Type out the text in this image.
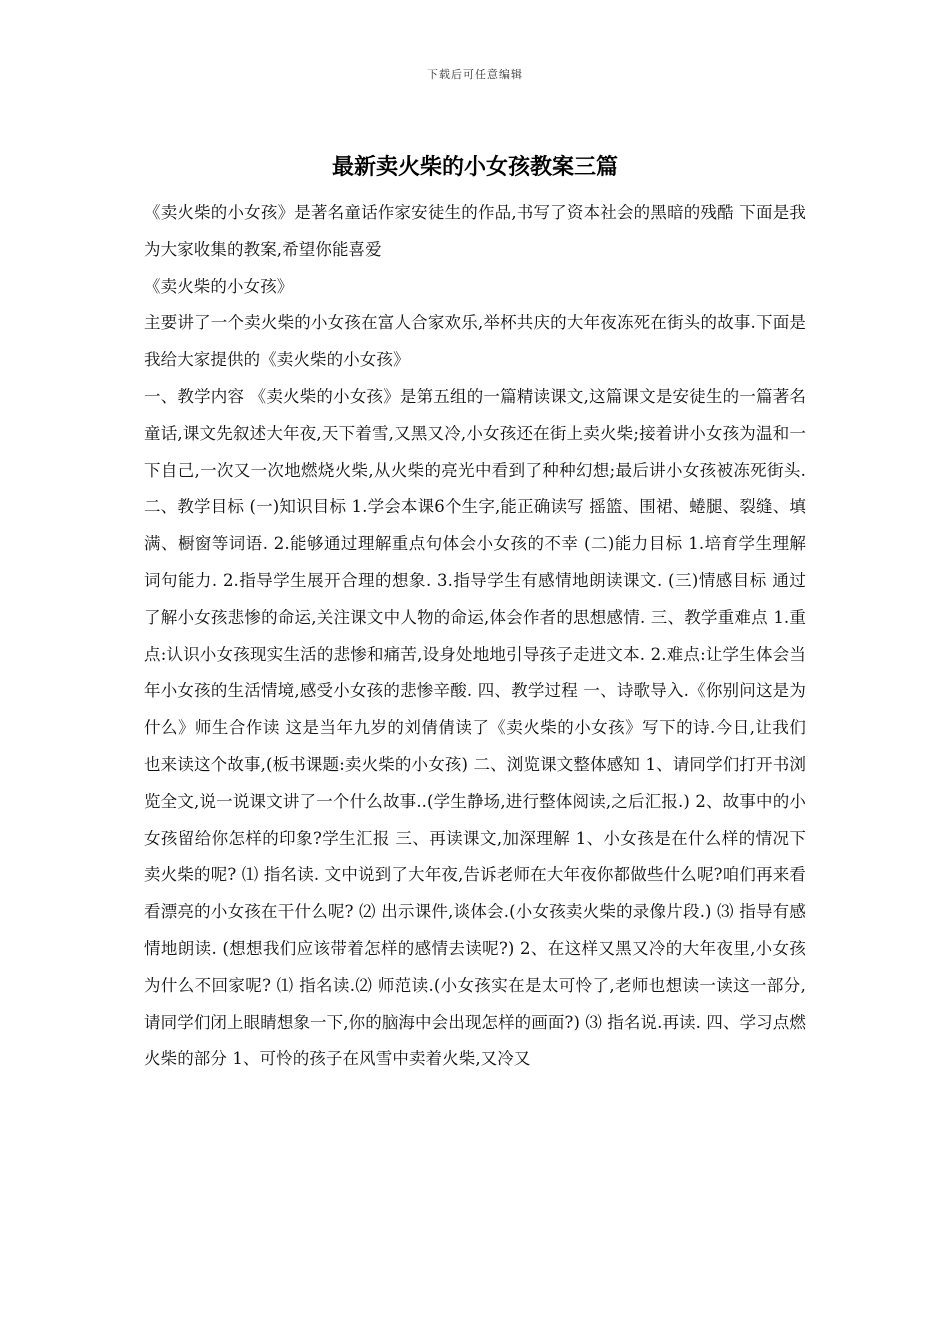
下载后可任意编辑
最新卖火柴的小女孩教案三篇

《卖火柴的小女孩》是著名童话作家安徒生的作品,书写了资本社会的黑暗的残酷 下面是我为大家收集的教案,希望你能喜爱

《卖火柴的小女孩》

主要讲了一个卖火柴的小女孩在富人合家欢乐,举杯共庆的大年夜冻死在街头的故事.下面是我给大家提供的《卖火柴的小女孩》

一、教学内容 《卖火柴的小女孩》是第五组的一篇精读课文,这篇课文是安徒生的一篇著名童话,课文先叙述大年夜,天下着雪,又黑又冷,小女孩还在街上卖火柴;接着讲小女孩为温和一下自己,一次又一次地燃烧火柴,从火柴的亮光中看到了种种幻想;最后讲小女孩被冻死街头. 二、教学目标 (一)知识目标 1.学会本课6个生字,能正确读写 摇篮、围裙、蜷腿、裂缝、填满、橱窗等词语. 2.能够通过理解重点句体会小女孩的不幸 (二)能力目标 1.培育学生理解词句能力. 2.指导学生展开合理的想象. 3.指导学生有感情地朗读课文. (三)情感目标 通过了解小女孩悲惨的命运,关注课文中人物的命运,体会作者的思想感情. 三、教学重难点 1.重点:认识小女孩现实生活的悲惨和痛苦,设身处地地引导孩子走进文本. 2.难点:让学生体会当年小女孩的生活情境,感受小女孩的悲惨辛酸. 四、教学过程 一、诗歌导入.《你别问这是为什么》师生合作读 这是当年九岁的刘倩倩读了《卖火柴的小女孩》写下的诗.今日,让我们也来读这个故事,(板书课题:卖火柴的小女孩) 二、浏览课文整体感知 1、请同学们打开书浏览全文,说一说课文讲了一个什么故事..(学生静场,进行整体阅读,之后汇报.) 2、故事中的小女孩留给你怎样的印象?学生汇报 三、再读课文,加深理解 1、小女孩是在什么样的情况下卖火柴的呢? ⑴ 指名读. 文中说到了大年夜,告诉老师在大年夜你都做些什么呢?咱们再来看看漂亮的小女孩在干什么呢? ⑵ 出示课件,谈体会.(小女孩卖火柴的录像片段.) ⑶ 指导有感情地朗读. (想想我们应该带着怎样的感情去读呢?) 2、在这样又黑又冷的大年夜里,小女孩为什么不回家呢? ⑴ 指名读.⑵ 师范读.(小女孩实在是太可怜了,老师也想读一读这一部分,请同学们闭上眼睛想象一下,你的脑海中会出现怎样的画面?) ⑶ 指名说.再读. 四、学习点燃火柴的部分 1、可怜的孩子在风雪中卖着火柴,又冷又
